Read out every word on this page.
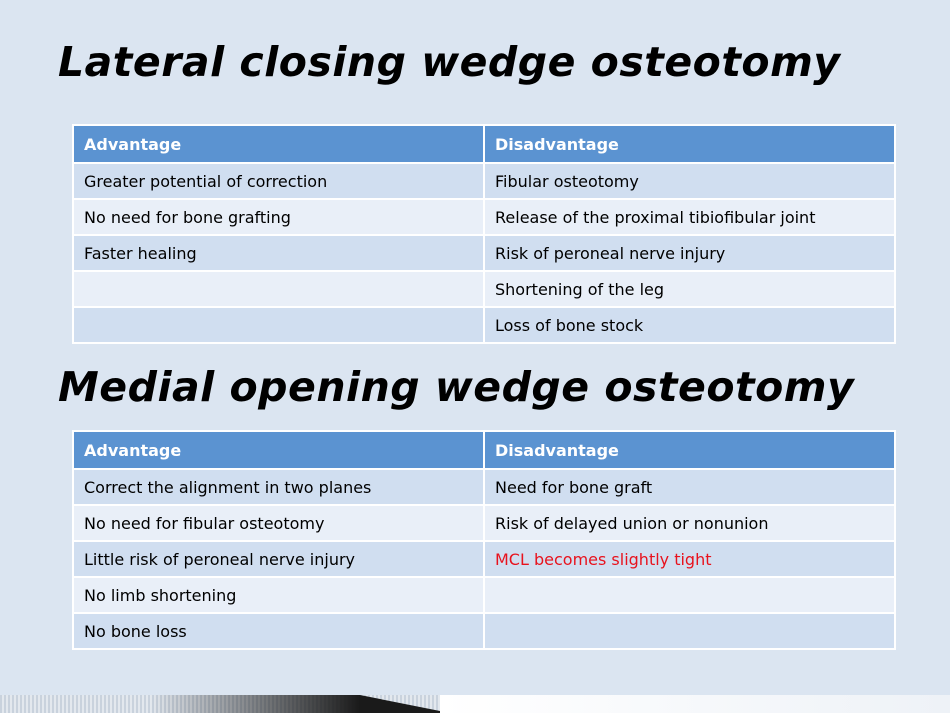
Lateral closing wedge osteotomy
Advantage	Disadvantage
Greater potential of correction	Fibular osteotomy
No need for bone grafting	Release of the proximal tibiofibular joint
Faster healing	Risk of peroneal nerve injury
	Shortening of the leg
	Loss of bone stock
Medial opening wedge osteotomy
Advantage	Disadvantage
Correct the alignment in two planes	Need for bone graft
No need for fibular osteotomy	Risk of delayed union or nonunion
Little risk of peroneal nerve injury	MCL becomes slightly tight
No limb shortening	
No bone loss	
